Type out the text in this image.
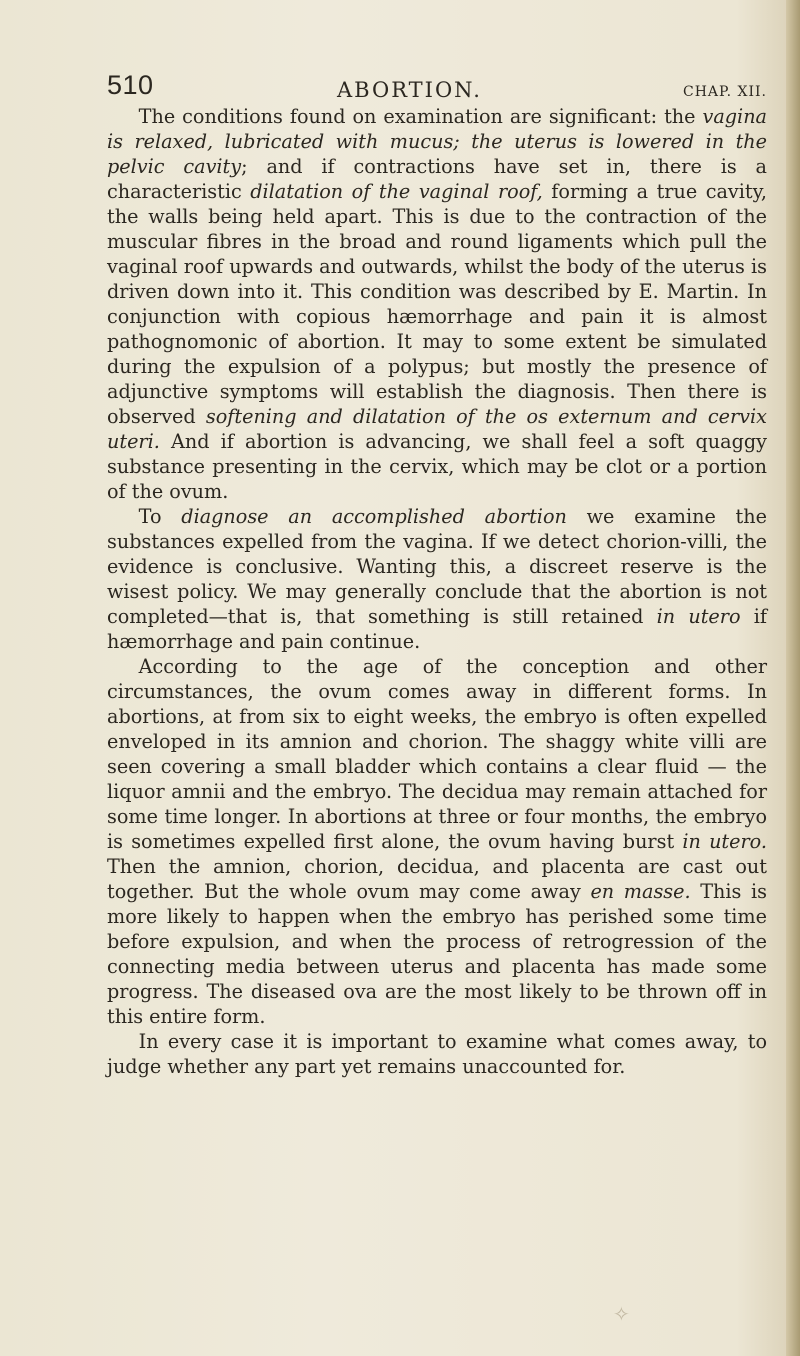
510	ABORTION.	CHAP. XII.

The conditions found on examination are significant: the vagina is relaxed, lubricated with mucus; the uterus is lowered in the pelvic cavity; and if contractions have set in, there is a characteristic dilatation of the vaginal roof, forming a true cavity, the walls being held apart. This is due to the contraction of the muscular fibres in the broad and round ligaments which pull the vaginal roof upwards and outwards, whilst the body of the uterus is driven down into it. This condition was described by E. Martin. In conjunction with copious hæmorrhage and pain it is almost pathognomonic of abortion. It may to some extent be simulated during the expulsion of a polypus; but mostly the presence of adjunctive symptoms will establish the diagnosis. Then there is observed softening and dilatation of the os externum and cervix uteri. And if abortion is advancing, we shall feel a soft quaggy substance presenting in the cervix, which may be clot or a portion of the ovum.

To diagnose an accomplished abortion we examine the substances expelled from the vagina. If we detect chorion-villi, the evidence is conclusive. Wanting this, a discreet reserve is the wisest policy. We may generally conclude that the abortion is not completed—that is, that something is still retained in utero if hæmorrhage and pain continue.

According to the age of the conception and other circumstances, the ovum comes away in different forms. In abortions, at from six to eight weeks, the embryo is often expelled enveloped in its amnion and chorion. The shaggy white villi are seen covering a small bladder which contains a clear fluid — the liquor amnii and the embryo. The decidua may remain attached for some time longer. In abortions at three or four months, the embryo is sometimes expelled first alone, the ovum having burst in utero. Then the amnion, chorion, decidua, and placenta are cast out together. But the whole ovum may come away en masse. This is more likely to happen when the embryo has perished some time before expulsion, and when the process of retrogression of the connecting media between uterus and placenta has made some progress. The diseased ova are the most likely to be thrown off in this entire form.

In every case it is important to examine what comes away, to judge whether any part yet remains unaccounted for.

✧
